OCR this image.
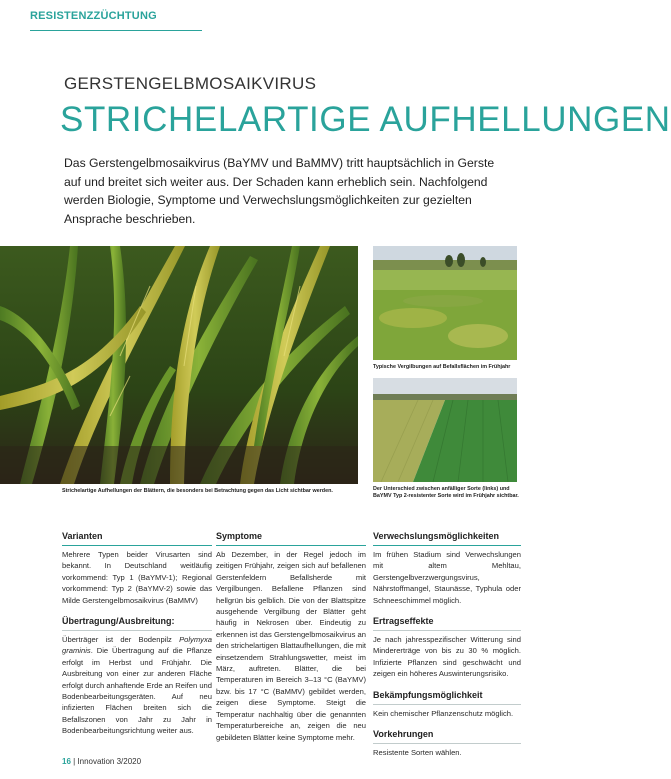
RESISTENZZÜCHTUNG
GERSTENGELBMOSAIKVIRUS
STRICHELARTIGE AUFHELLUNGEN

Das Gerstengelbmosaikvirus (BaYMV und BaMMV) tritt hauptsächlich in Gerste auf und breitet sich weiter aus. Der Schaden kann erheblich sein. Nachfolgend werden Biologie, Symptome und Verwechslungsmöglichkeiten zur gezielten Ansprache beschrieben.

Typische Vergilbungen auf Befallsflächen im Frühjahr

Der Unterschied zwischen anfälliger Sorte (links) und BaYMV Typ 2-resistenter Sorte wird im Frühjahr sichtbar.

Strichelartige Aufhellungen der Blättern, die besonders bei Betrachtung gegen das Licht sichtbar werden.

Varianten

Mehrere Typen beider Virusarten sind bekannt. In Deutschland weitläufig vorkommend: Typ 1 (BaYMV-1); Regional vorkommend: Typ 2 (BaYMV-2) sowie das Milde Gerstengelbmosaikvirus (BaMMV)

Übertragung/Ausbreitung:

Überträger ist der Bodenpilz Polymyxa graminis. Die Übertragung auf die Pflanze erfolgt im Herbst und Frühjahr. Die Ausbreitung von einer zur anderen Fläche erfolgt durch anhaftende Erde an Reifen und Bodenbearbeitungsgeräten. Auf neu infizierten Flächen breiten sich die Befallszonen von Jahr zu Jahr in Bodenbearbeitungsrichtung weiter aus.

Symptome

Ab Dezember, in der Regel jedoch im zeitigen Frühjahr, zeigen sich auf befallenen Gerstenfeldern Befallsherde mit Vergilbungen. Befallene Pflanzen sind hellgrün bis gelblich. Die von der Blattspitze ausgehende Vergilbung der Blätter geht häufig in Nekrosen über. Eindeutig zu erkennen ist das Gerstengelbmosaikvirus an den strichelartigen Blattaufhellungen, die mit einsetzendem Strahlungswetter, meist im März, auftreten. Blätter, die bei Temperaturen im Bereich 3–13 °C (BaYMV) bzw. bis 17 °C (BaMMV) gebildet werden, zeigen diese Symptome. Steigt die Temperatur nachhaltig über die genannten Temperaturbereiche an, zeigen die neu gebildeten Blätter keine Symptome mehr.

Verwechslungsmöglichkeiten

Im frühen Stadium sind Verwechslungen mit altem Mehltau, Gerstengelbverzwergungsvirus, Nährstoffmangel, Staunässe, Typhula oder Schneeschimmel möglich.

Ertragseffekte

Je nach jahresspezifischer Witterung sind Mindererträge von bis zu 30 % möglich. Infizierte Pflanzen sind geschwächt und zeigen ein höheres Auswinterungsrisiko.

Bekämpfungsmöglichkeit

Kein chemischer Pflanzenschutz möglich.

Vorkehrungen

Resistente Sorten wählen.

16 | Innovation 3/2020
